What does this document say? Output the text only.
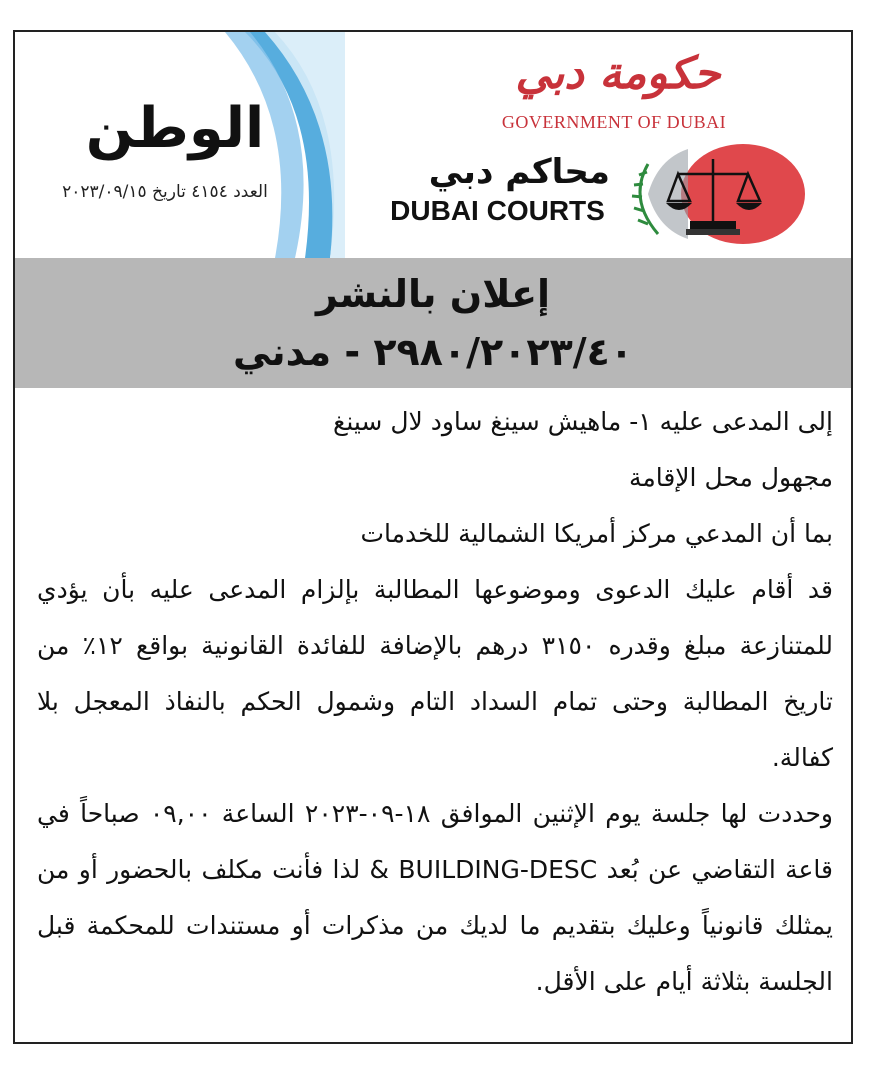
حكومة دبي
GOVERNMENT OF DUBAI
محاكم دبي
DUBAI COURTS
الوطن
العدد ٤١٥٤ تاريخ ٢٠٢٣/٠٩/١٥
إعلان بالنشر
٢٩٨٠/٢٠٢٣/٤٠ - مدني

إلى المدعى عليه ١- ماهيش سينغ ساود لال سينغ

مجهول محل الإقامة

بما أن المدعي مركز أمريكا الشمالية للخدمات

قد أقام عليك الدعوى وموضوعها المطالبة بإلزام المدعى عليه بأن يؤدي للمتنازعة مبلغ وقدره ٣١٥٠ درهم بالإضافة للفائدة القانونية بواقع ١٢٪ من تاريخ المطالبة وحتى تمام السداد التام وشمول الحكم بالنفاذ المعجل بلا كفالة.

وحددت لها جلسة يوم الإثنين الموافق ١٨-٠٩-٢٠٢٣ الساعة ٠٩,٠٠ صباحاً في قاعة التقاضي عن بُعد BUILDING-DESC & لذا فأنت مكلف بالحضور أو من يمثلك قانونياً وعليك بتقديم ما لديك من مذكرات أو مستندات للمحكمة قبل الجلسة بثلاثة أيام على الأقل.
